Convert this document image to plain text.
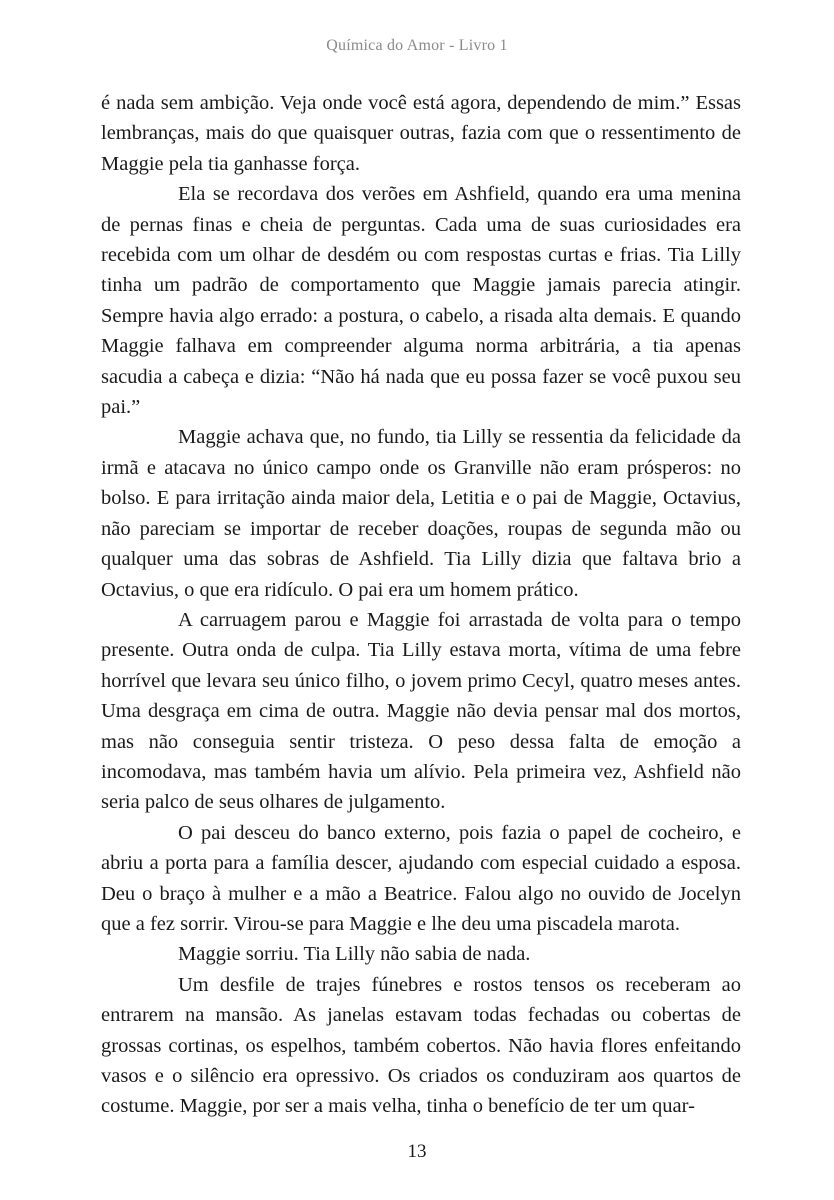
Química do Amor - Livro 1

é nada sem ambição. Veja onde você está agora, dependendo de mim.” Essas lembranças, mais do que quaisquer outras, fazia com que o ressentimento de Maggie pela tia ganhasse força.

Ela se recordava dos verões em Ashfield, quando era uma menina de pernas finas e cheia de perguntas. Cada uma de suas curiosidades era recebida com um olhar de desdém ou com respostas curtas e frias. Tia Lilly tinha um padrão de comportamento que Maggie jamais parecia atingir. Sempre havia algo errado: a postura, o cabelo, a risada alta demais. E quando Maggie falhava em compreender alguma norma arbitrária, a tia apenas sacudia a cabeça e dizia: “Não há nada que eu possa fazer se você puxou seu pai.”

Maggie achava que, no fundo, tia Lilly se ressentia da felicidade da irmã e atacava no único campo onde os Granville não eram prósperos: no bolso. E para irritação ainda maior dela, Letitia e o pai de Maggie, Octavius, não pareciam se importar de receber doações, roupas de segunda mão ou qualquer uma das sobras de Ashfield. Tia Lilly dizia que faltava brio a Octavius, o que era ridículo. O pai era um homem prático.

A carruagem parou e Maggie foi arrastada de volta para o tempo presente. Outra onda de culpa. Tia Lilly estava morta, vítima de uma febre horrível que levara seu único filho, o jovem primo Cecyl, quatro meses antes. Uma desgraça em cima de outra. Maggie não devia pensar mal dos mortos, mas não conseguia sentir tristeza. O peso dessa falta de emoção a incomodava, mas também havia um alívio. Pela primeira vez, Ashfield não seria palco de seus olhares de julgamento.

O pai desceu do banco externo, pois fazia o papel de cocheiro, e abriu a porta para a família descer, ajudando com especial cuidado a esposa. Deu o braço à mulher e a mão a Beatrice. Falou algo no ouvido de Jocelyn que a fez sorrir. Virou-se para Maggie e lhe deu uma piscadela marota.

Maggie sorriu. Tia Lilly não sabia de nada.

Um desfile de trajes fúnebres e rostos tensos os receberam ao entrarem na mansão. As janelas estavam todas fechadas ou cobertas de grossas cortinas, os espelhos, também cobertos. Não havia flores enfeitando vasos e o silêncio era opressivo. Os criados os conduziram aos quartos de costume. Maggie, por ser a mais velha, tinha o benefício de ter um quar-

13
